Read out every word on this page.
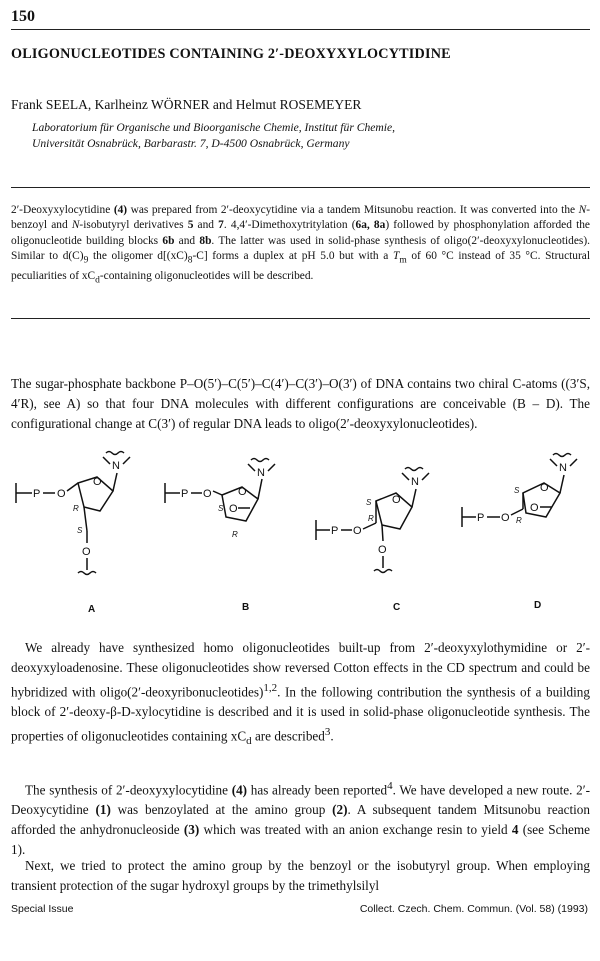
150
OLIGONUCLEOTIDES CONTAINING 2′-DEOXYXYLOCYTIDINE
Frank SEELA, Karlheinz WÖRNER and Helmut ROSEMEYER
Laboratorium für Organische und Bioorganische Chemie, Institut für Chemie,
Universität Osnabrück, Barbarastr. 7, D-4500 Osnabrück, Germany

2′-Deoxyxylocytidine (4) was prepared from 2′-deoxycytidine via a tandem Mitsunobu reaction. It was converted into the N-benzoyl and N-isobutyryl derivatives 5 and 7. 4,4′-Dimethoxytritylation (6a, 8a) followed by phosphonylation afforded the oligonucleotide building blocks 6b and 8b. The latter was used in solid-phase synthesis of oligo(2′-deoxyxylonucleotides). Similar to $d(C)_9$ the oligomer $d[(xC)_8-C]$ forms a duplex at pH 5.0 but with a $T_m$ of 60 °C instead of 35 °C. Structural peculiarities of $xC_d$-containing oligonucleotides will be described.

The sugar-phosphate backbone P–O(5′)–C(5′)–C(4′)–C(3′)–O(3′) of DNA contains two chiral C-atoms ((3′S, 4′R), see A) so that four DNA molecules with different configurations are conceivable (B – D). The configurational change at C(3′) of regular DNA leads to oligo(2′-deoxyxylonucleotides).

P O
O
R
S
O
N
P O O
S
R
O
N
P O
O
S
R
O
N
P O
O
S
R
O
N
A	B	C	D

We already have synthesized homo oligonucleotides built-up from 2′-deoxyxylothymidine or 2′-deoxyxyloadenosine. These oligonucleotides show reversed Cotton effects in the CD spectrum and could be hybridized with oligo(2′-deoxyribonucleotides)$^{1,2}$. In the following contribution the synthesis of a building block of 2′-deoxy-β-D-xylocytidine is described and it is used in solid-phase oligonucleotide synthesis. The properties of oligonucleotides containing $xC_d$ are described$^3$.

The synthesis of 2′-deoxyxylocytidine (4) has already been reported$^4$. We have developed a new route. 2′-Deoxycytidine (1) was benzoylated at the amino group (2). A subsequent tandem Mitsunobu reaction afforded the anhydronucleoside (3) which was treated with an anion exchange resin to yield 4 (see Scheme 1).

Next, we tried to protect the amino group by the benzoyl or the isobutyryl group. When employing transient protection of the sugar hydroxyl groups by the trimethylsilyl

Special Issue	Collect. Czech. Chem. Commun. (Vol. 58) (1993)
